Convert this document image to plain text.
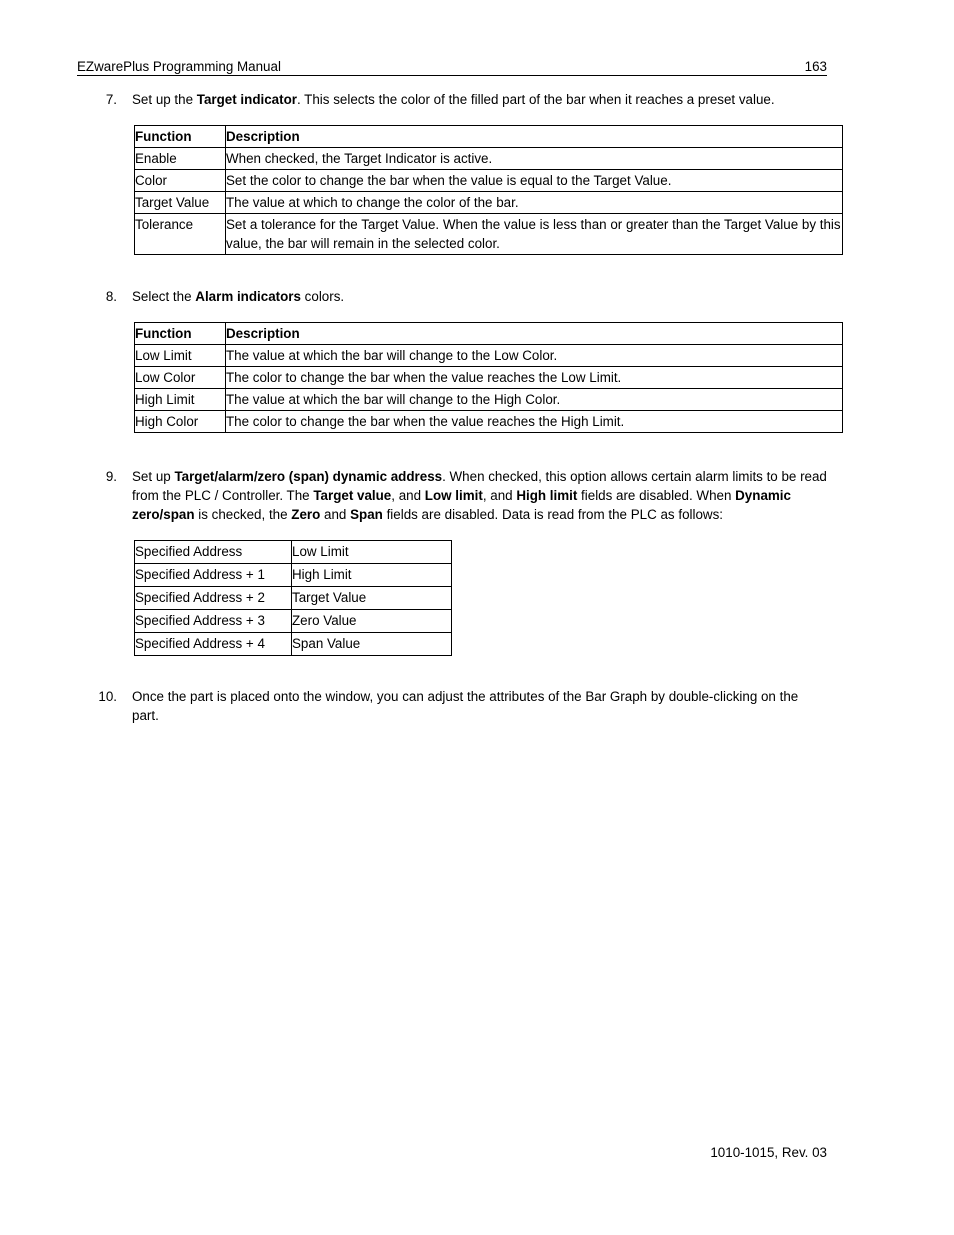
EZwarePlus Programming Manual	163
7. Set up the Target indicator. This selects the color of the filled part of the bar when it reaches a preset value.
Function	Description
Enable	When checked, the Target Indicator is active.
Color	Set the color to change the bar when the value is equal to the Target Value.
Target Value	The value at which to change the color of the bar.
Tolerance	Set a tolerance for the Target Value. When the value is less than or greater than the Target Value by this value, the bar will remain in the selected color.
8. Select the Alarm indicators colors.
Function	Description
Low Limit	The value at which the bar will change to the Low Color.
Low Color	The color to change the bar when the value reaches the Low Limit.
High Limit	The value at which the bar will change to the High Color.
High Color	The color to change the bar when the value reaches the High Limit.
9. Set up Target/alarm/zero (span) dynamic address. When checked, this option allows certain alarm limits to be read from the PLC / Controller. The Target value, and Low limit, and High limit fields are disabled. When Dynamic zero/span is checked, the Zero and Span fields are disabled. Data is read from the PLC as follows:
Specified Address	Low Limit
Specified Address + 1	High Limit
Specified Address + 2	Target Value
Specified Address + 3	Zero Value
Specified Address + 4	Span Value
10. Once the part is placed onto the window, you can adjust the attributes of the Bar Graph by double-clicking on the part.
1010-1015, Rev. 03
